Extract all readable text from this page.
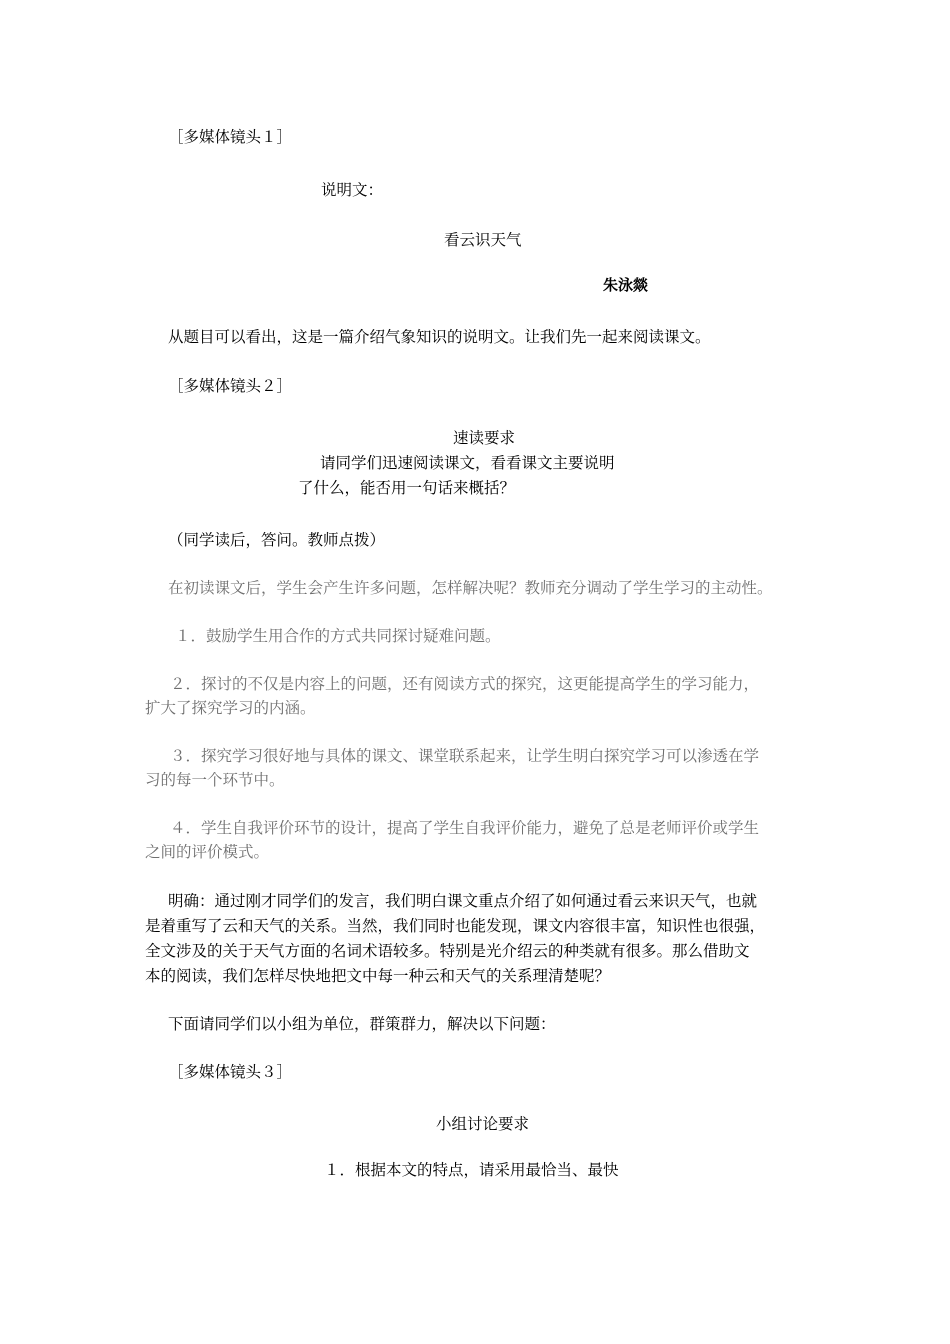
［多媒体镜头１］
说明文：
看云识天气
朱泳燚
从题目可以看出，这是一篇介绍气象知识的说明文。让我们先一起来阅读课文。
［多媒体镜头２］
速读要求
请同学们迅速阅读课文，看看课文主要说明
了什么，能否用一句话来概括？
（同学读后，答问。教师点拨）
在初读课文后，学生会产生许多问题，怎样解决呢？教师充分调动了学生学习的主动性。
１．鼓励学生用合作的方式共同探讨疑难问题。
２．探讨的不仅是内容上的问题，还有阅读方式的探究，这更能提高学生的学习能力，
扩大了探究学习的内涵。
３．探究学习很好地与具体的课文、课堂联系起来，让学生明白探究学习可以渗透在学
习的每一个环节中。
４．学生自我评价环节的设计，提高了学生自我评价能力，避免了总是老师评价或学生
之间的评价模式。
明确：通过刚才同学们的发言，我们明白课文重点介绍了如何通过看云来识天气，也就
是着重写了云和天气的关系。当然，我们同时也能发现，课文内容很丰富，知识性也很强，
全文涉及的关于天气方面的名词术语较多。特别是光介绍云的种类就有很多。那么借助文
本的阅读，我们怎样尽快地把文中每一种云和天气的关系理清楚呢？
下面请同学们以小组为单位，群策群力，解决以下问题：
［多媒体镜头３］
小组讨论要求
１．根据本文的特点，请采用最恰当、最快
